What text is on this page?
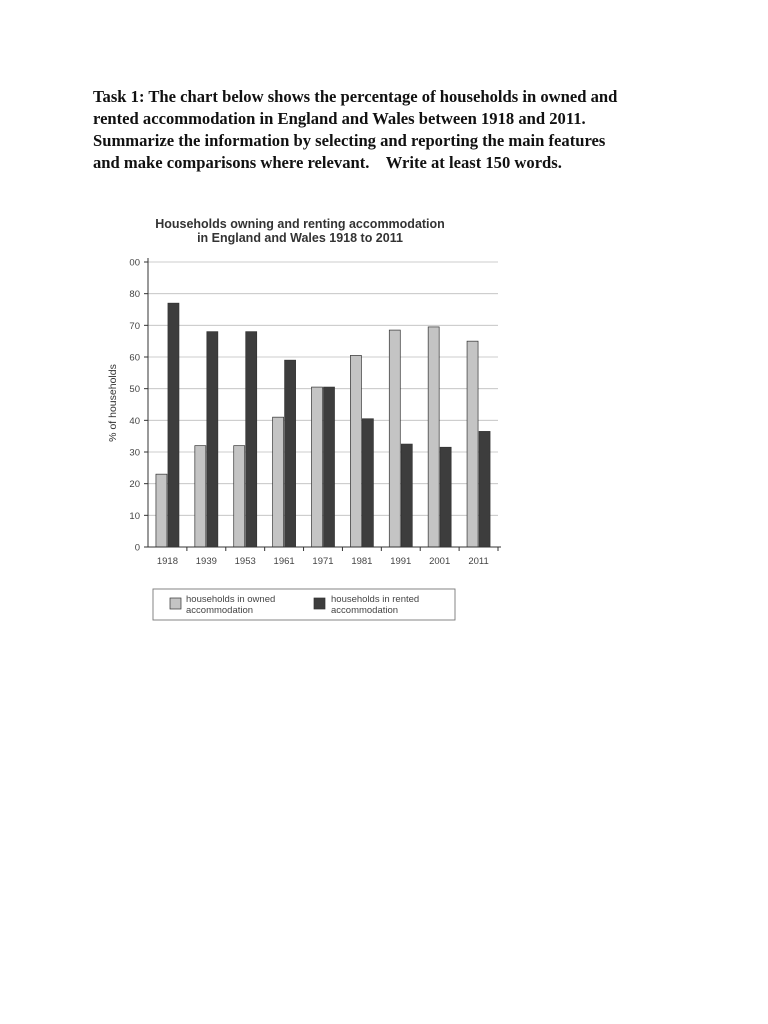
Task 1: The chart below shows the percentage of households in owned and
rented accommodation in England and Wales between 1918 and 2011.
Summarize the information by selecting and reporting the main features
and make comparisons where relevant.    Write at least 150 words.
Households owning and renting accommodation
in England and Wales 1918 to 2011
% of households
0
10
20
30
40
50
60
70
80
00
1918 1939 1953 1961 1971 1981 1991 2001 2011
households in owned
accommodation
households in rented
accommodation
